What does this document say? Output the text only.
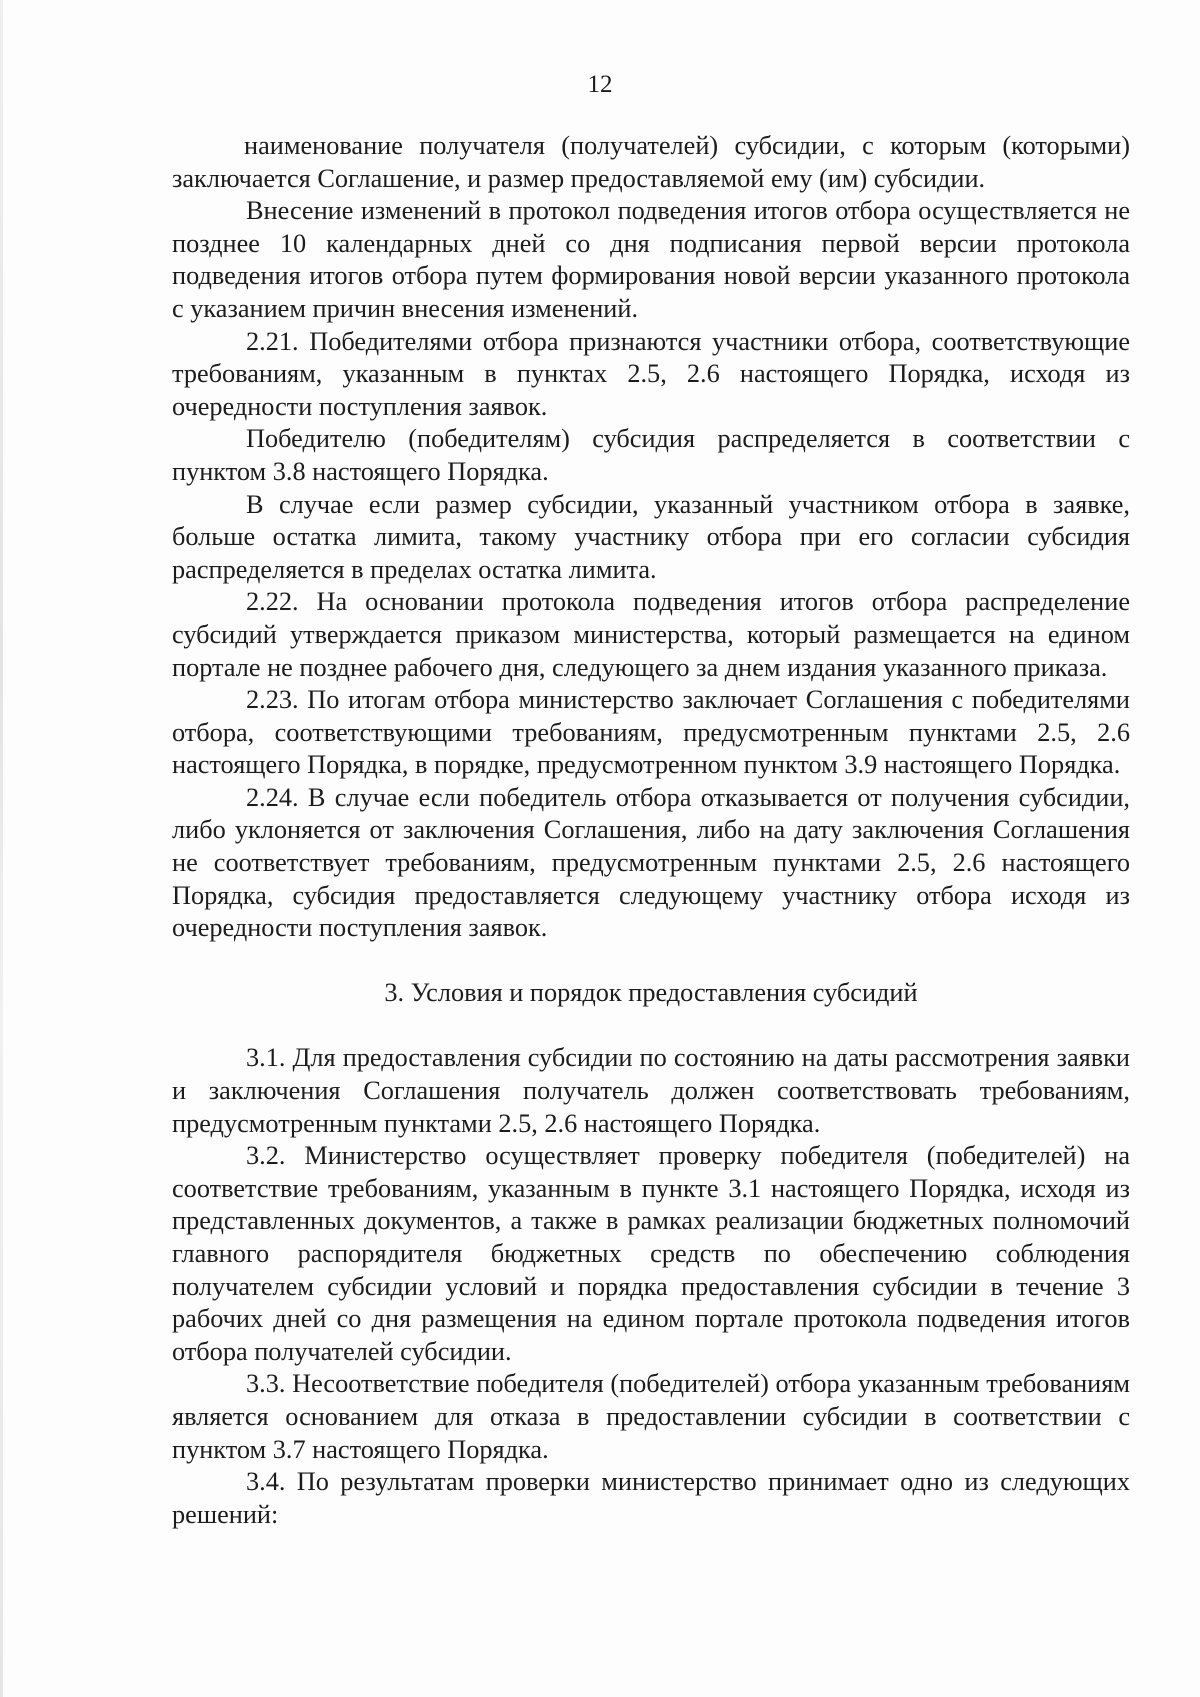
12

наименование получателя (получателей) субсидии, с которым (которыми) заключается Соглашение, и размер предоставляемой ему (им) субсидии.

Внесение изменений в протокол подведения итогов отбора осуществляется не позднее 10 календарных дней со дня подписания первой версии протокола подведения итогов отбора путем формирования новой версии указанного протокола с указанием причин внесения изменений.

2.21. Победителями отбора признаются участники отбора, соответствующие требованиям, указанным в пунктах 2.5, 2.6 настоящего Порядка, исходя из очередности поступления заявок.

Победителю (победителям) субсидия распределяется в соответствии с пунктом 3.8 настоящего Порядка.

В случае если размер субсидии, указанный участником отбора в заявке, больше остатка лимита, такому участнику отбора при его согласии субсидия распределяется в пределах остатка лимита.

2.22. На основании протокола подведения итогов отбора распределение субсидий утверждается приказом министерства, который размещается на едином портале не позднее рабочего дня, следующего за днем издания указанного приказа.

2.23. По итогам отбора министерство заключает Соглашения с победителями отбора, соответствующими требованиям, предусмотренным пунктами 2.5, 2.6 настоящего Порядка, в порядке, предусмотренном пунктом 3.9 настоящего Порядка.

2.24. В случае если победитель отбора отказывается от получения субсидии, либо уклоняется от заключения Соглашения, либо на дату заключения Соглашения не соответствует требованиям, предусмотренным пунктами 2.5, 2.6 настоящего Порядка, субсидия предоставляется следующему участнику отбора исходя из очередности поступления заявок.

3. Условия и порядок предоставления субсидий

3.1. Для предоставления субсидии по состоянию на даты рассмотрения заявки и заключения Соглашения получатель должен соответствовать требованиям, предусмотренным пунктами 2.5, 2.6 настоящего Порядка.

3.2. Министерство осуществляет проверку победителя (победителей) на соответствие требованиям, указанным в пункте 3.1 настоящего Порядка, исходя из представленных документов, а также в рамках реализации бюджетных полномочий главного распорядителя бюджетных средств по обеспечению соблюдения получателем субсидии условий и порядка предоставления субсидии в течение 3 рабочих дней со дня размещения на едином портале протокола подведения итогов отбора получателей субсидии.

3.3. Несоответствие победителя (победителей) отбора указанным требованиям является основанием для отказа в предоставлении субсидии в соответствии с пунктом 3.7 настоящего Порядка.

3.4. По результатам проверки министерство принимает одно из следующих решений:
